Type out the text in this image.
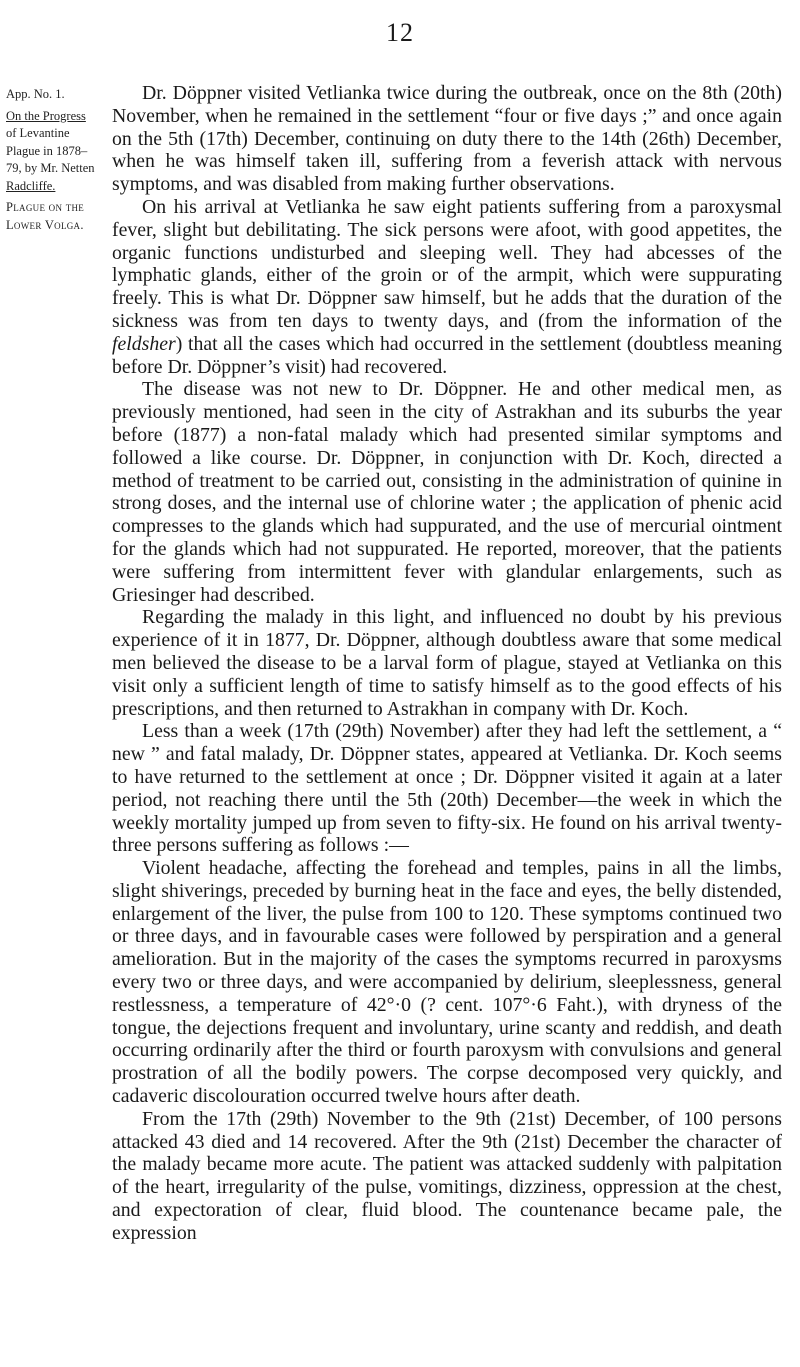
12
App. No. 1.
On the Progress
of Levantine
Plague in 1878–
79, by Mr. Netten
Radcliffe.
Plague on the
Lower Volga.

Dr. Döppner visited Vetlianka twice during the outbreak, once on the 8th (20th) November, when he remained in the settlement “four or five days ;” and once again on the 5th (17th) December, continuing on duty there to the 14th (26th) December, when he was himself taken ill, suffering from a feverish attack with nervous symptoms, and was disabled from making further observations.

On his arrival at Vetlianka he saw eight patients suffering from a paroxysmal fever, slight but debilitating. The sick persons were afoot, with good appetites, the organic functions undisturbed and sleeping well. They had abcesses of the lymphatic glands, either of the groin or of the armpit, which were suppurating freely. This is what Dr. Döppner saw himself, but he adds that the duration of the sickness was from ten days to twenty days, and (from the information of the feldsher) that all the cases which had occurred in the settlement (doubtless meaning before Dr. Döppner’s visit) had recovered.

The disease was not new to Dr. Döppner. He and other medical men, as previously mentioned, had seen in the city of Astrakhan and its suburbs the year before (1877) a non-fatal malady which had presented similar symptoms and followed a like course. Dr. Döppner, in conjunction with Dr. Koch, directed a method of treatment to be carried out, consisting in the administration of quinine in strong doses, and the internal use of chlorine water ; the application of phenic acid compresses to the glands which had suppurated, and the use of mercurial ointment for the glands which had not suppurated. He reported, moreover, that the patients were suffering from intermittent fever with glandular enlargements, such as Griesinger had described.

Regarding the malady in this light, and influenced no doubt by his previous experience of it in 1877, Dr. Döppner, although doubtless aware that some medical men believed the disease to be a larval form of plague, stayed at Vetlianka on this visit only a sufficient length of time to satisfy himself as to the good effects of his prescriptions, and then returned to Astrakhan in company with Dr. Koch.

Less than a week (17th (29th) November) after they had left the settlement, a “ new ” and fatal malady, Dr. Döppner states, appeared at Vetlianka. Dr. Koch seems to have returned to the settlement at once ; Dr. Döppner visited it again at a later period, not reaching there until the 5th (20th) December—the week in which the weekly mortality jumped up from seven to fifty-six. He found on his arrival twenty-three persons suffering as follows :—

Violent headache, affecting the forehead and temples, pains in all the limbs, slight shiverings, preceded by burning heat in the face and eyes, the belly distended, enlargement of the liver, the pulse from 100 to 120. These symptoms continued two or three days, and in favourable cases were followed by perspiration and a general amelioration. But in the majority of the cases the symptoms recurred in paroxysms every two or three days, and were accompanied by delirium, sleeplessness, general restlessness, a temperature of 42°·0 (? cent. 107°·6 Faht.), with dryness of the tongue, the dejections frequent and involuntary, urine scanty and reddish, and death occurring ordinarily after the third or fourth paroxysm with convulsions and general prostration of all the bodily powers. The corpse decomposed very quickly, and cadaveric discolouration occurred twelve hours after death.

From the 17th (29th) November to the 9th (21st) December, of 100 persons attacked 43 died and 14 recovered. After the 9th (21st) December the character of the malady became more acute. The patient was attacked suddenly with palpitation of the heart, irregularity of the pulse, vomitings, dizziness, oppression at the chest, and expectoration of clear, fluid blood. The countenance became pale, the expression
